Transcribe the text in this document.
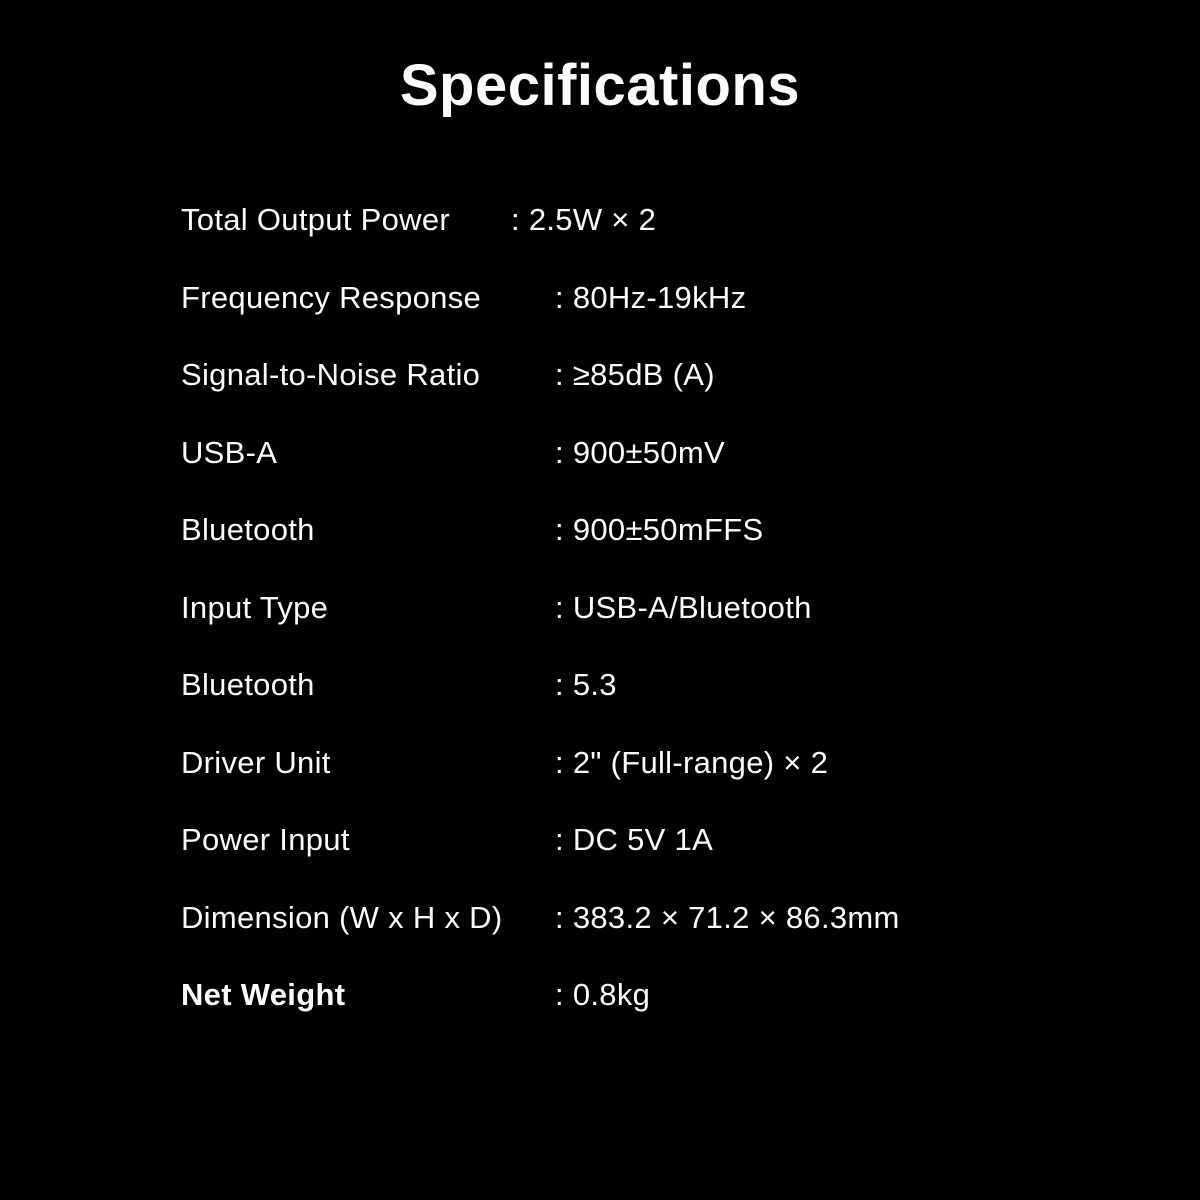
Specifications
Total Output Power : 2.5W × 2
Frequency Response : 80Hz-19kHz
Signal-to-Noise Ratio : ≥85dB (A)
USB-A	: 900±50mV
Bluetooth	: 900±50mFFS
Input Type	: USB-A/Bluetooth
Bluetooth	: 5.3
Driver Unit	: 2" (Full-range) × 2
Power Input	: DC 5V 1A
Dimension (W x H x D) : 383.2 × 71.2 × 86.3mm
Net Weight	: 0.8kg
